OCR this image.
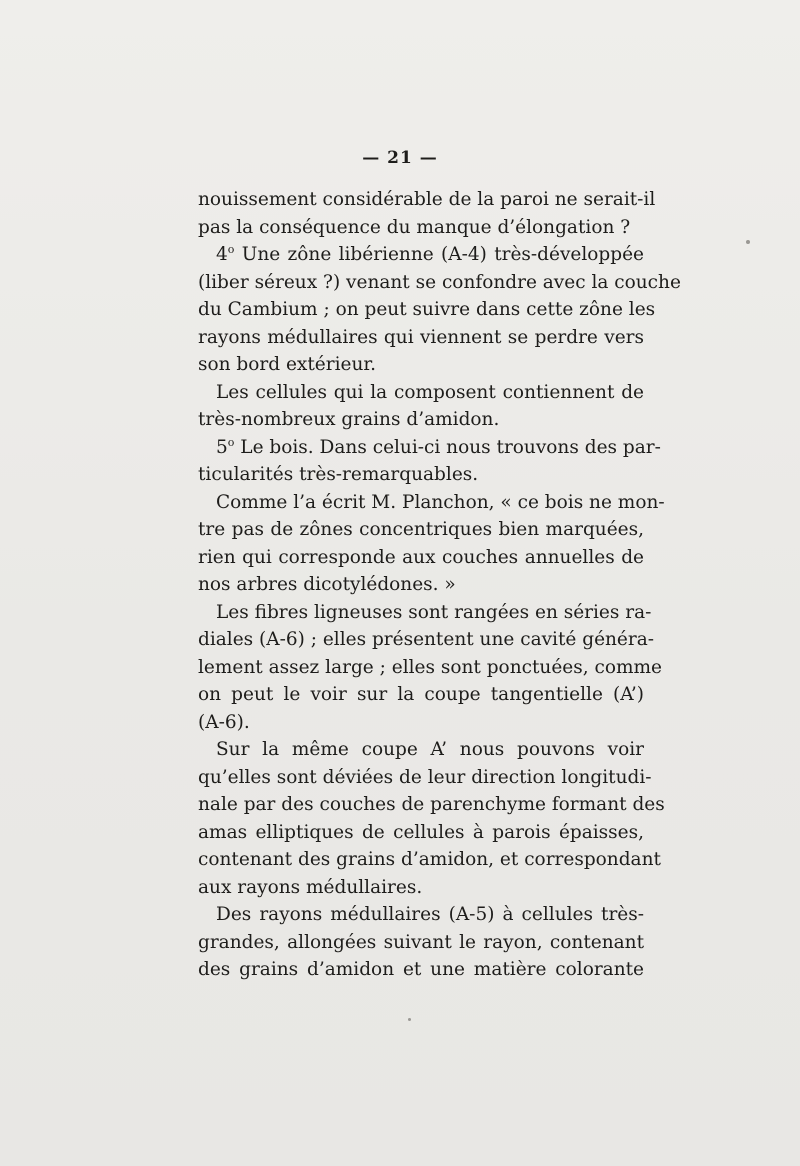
— 21 —
nouissement considérable de la paroi ne serait-il
pas la conséquence du manque d’élongation ?
4$^o$ Une zône libérienne (A-4) très-développée
(liber séreux ?) venant se confondre avec la couche
du Cambium ; on peut suivre dans cette zône les
rayons médullaires qui viennent se perdre vers
son bord extérieur.
Les cellules qui la composent contiennent de
très-nombreux grains d’amidon.
5$^o$ Le bois. Dans celui-ci nous trouvons des par-
ticularités très-remarquables.
Comme l’a écrit M. Planchon, « ce bois ne mon-
tre pas de zônes concentriques bien marquées,
rien qui corresponde aux couches annuelles de
nos arbres dicotylédones. »
Les fibres ligneuses sont rangées en séries ra-
diales (A-6) ; elles présentent une cavité généra-
lement assez large ; elles sont ponctuées, comme
on peut le voir sur la coupe tangentielle (A’)
(A-6).
Sur la même coupe A’ nous pouvons voir
qu’elles sont déviées de leur direction longitudi-
nale par des couches de parenchyme formant des
amas elliptiques de cellules à parois épaisses,
contenant des grains d’amidon, et correspondant
aux rayons médullaires.
Des rayons médullaires (A-5) à cellules très-
grandes, allongées suivant le rayon, contenant
des grains d’amidon et une matière colorante
